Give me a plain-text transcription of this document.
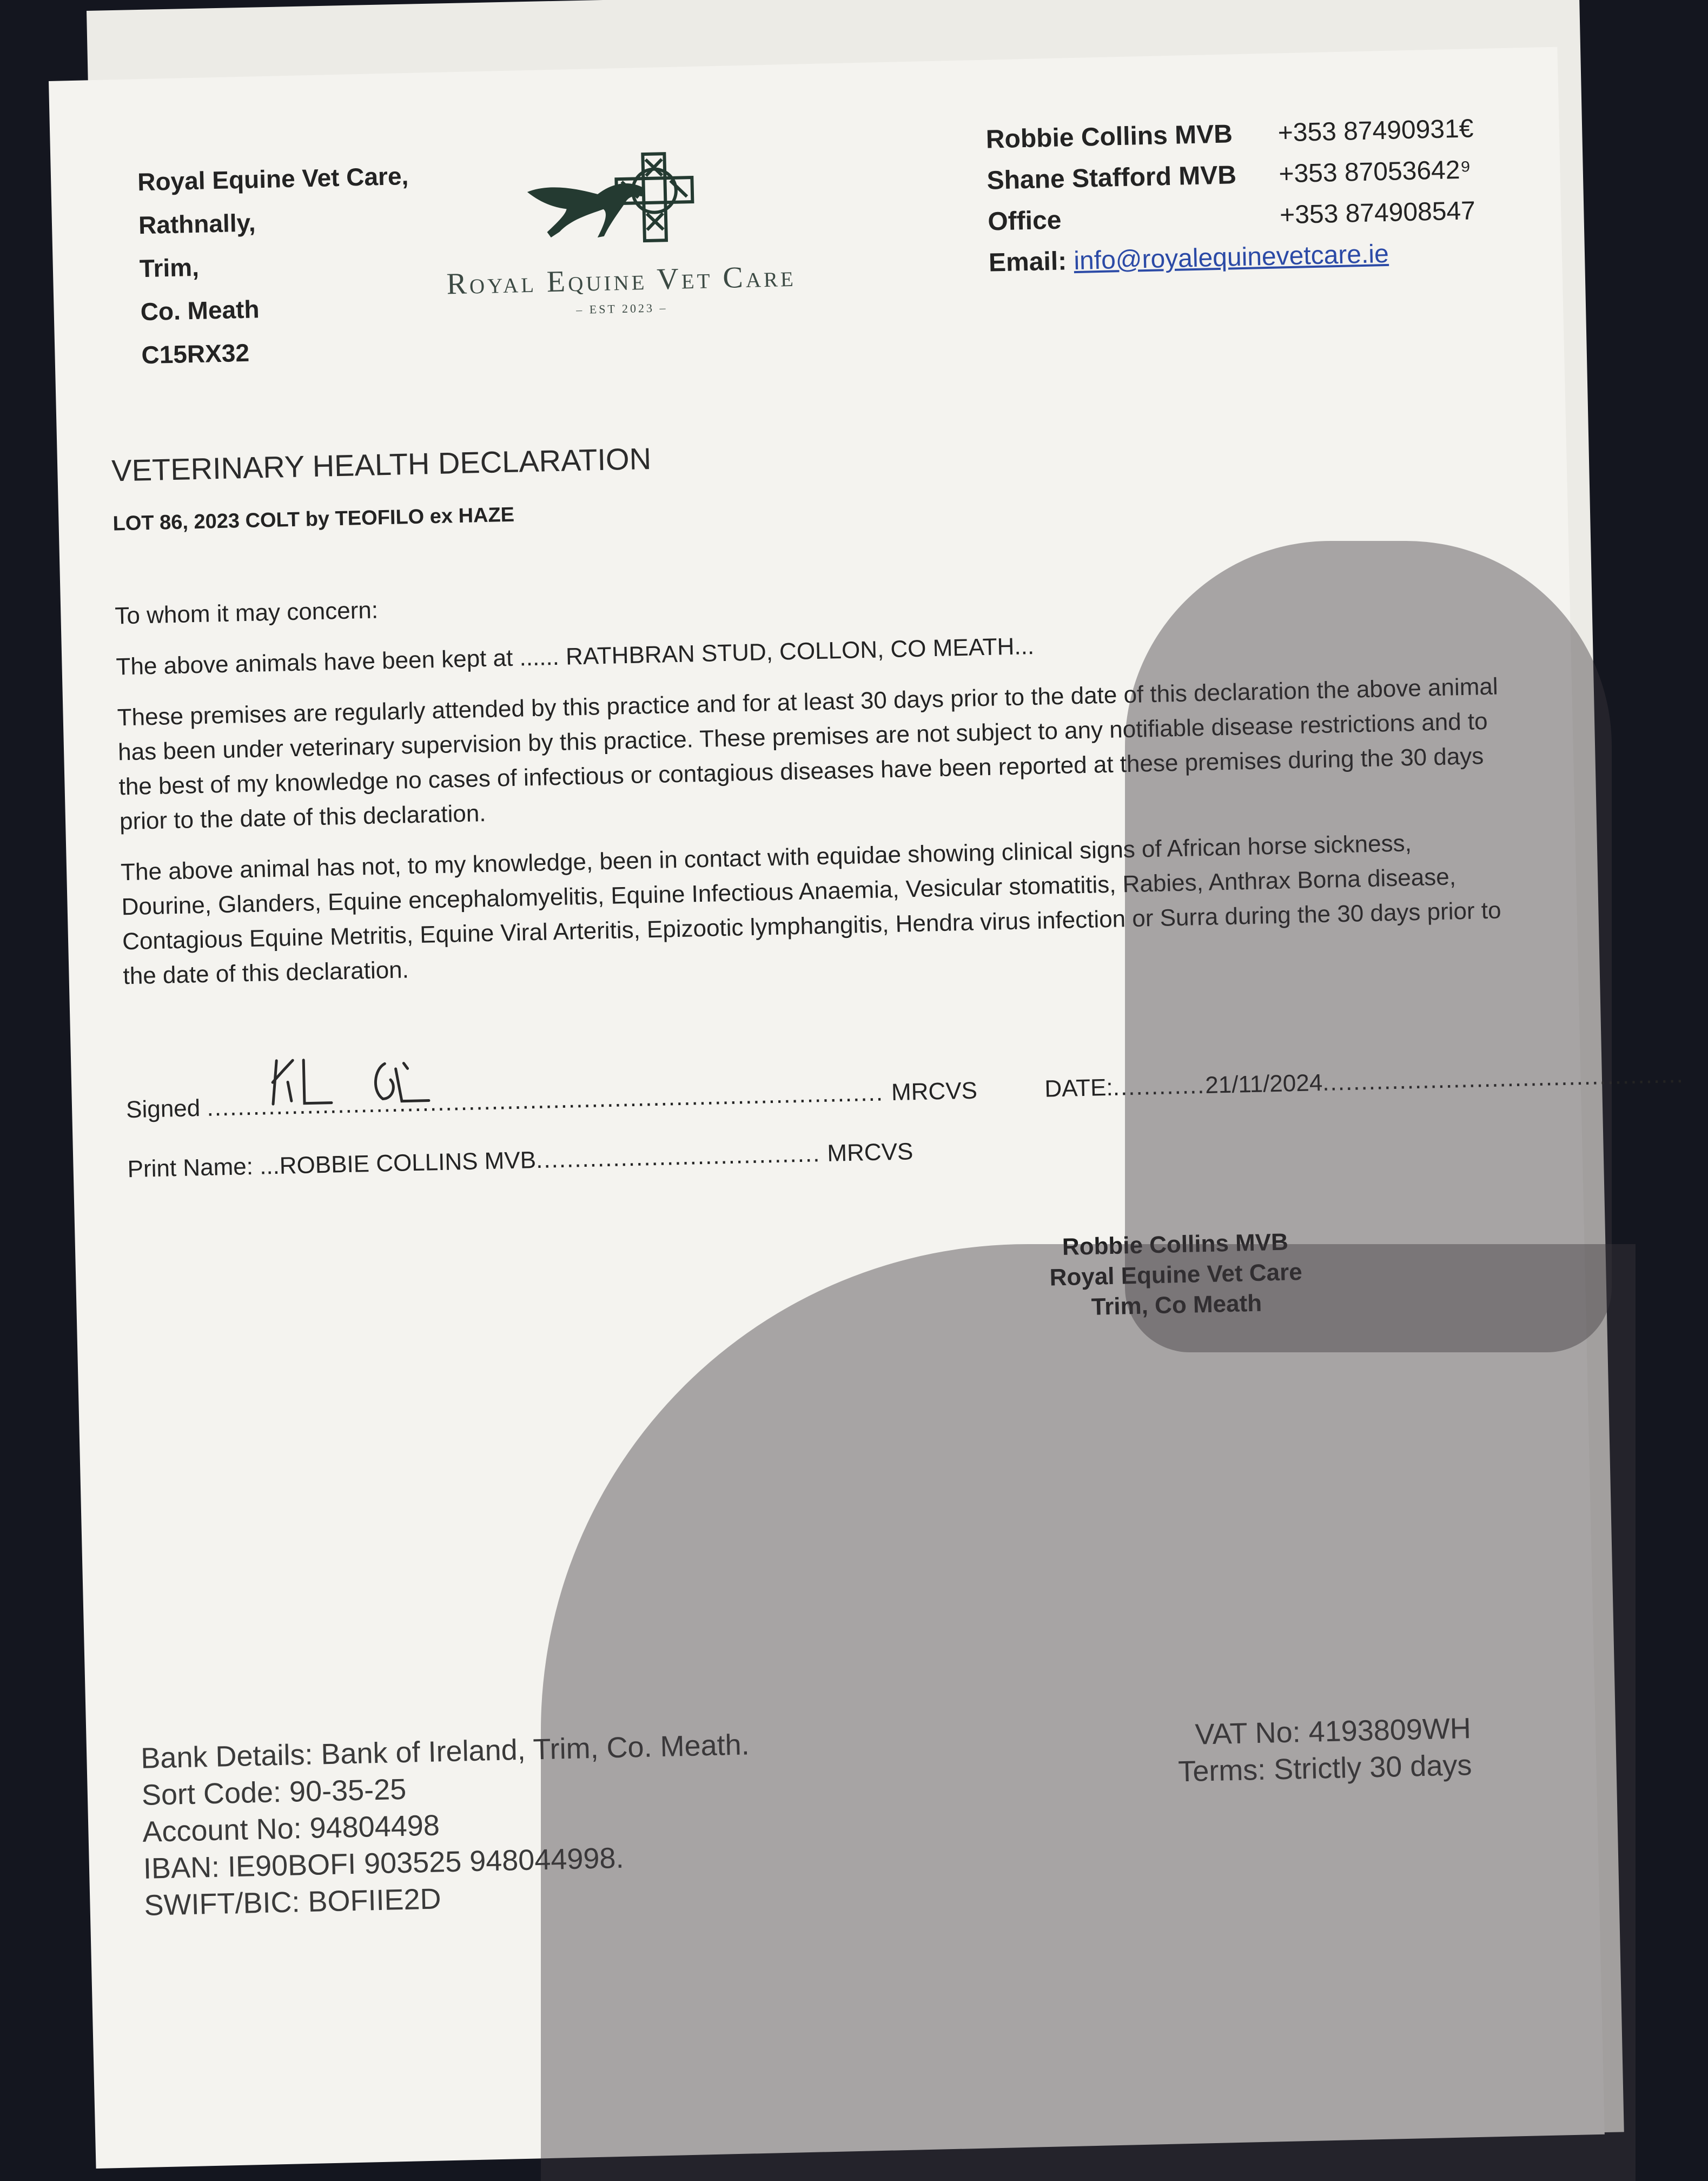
Royal Equine Vet Care,
Rathnally,
Trim,
Co. Meath
C15RX32
Royal Equine Vet Care
– EST 2023 –
Robbie Collins MVB	+353 87490931€
Shane Stafford MVB	+353 87053642⁹
Office	+353 874908547
Email
:
info@royalequinevetcare.ie
VETERINARY HEALTH DECLARATION
LOT 86, 2023 COLT by TEOFILO ex HAZE

To whom it may concern:

The above animals have been kept at ...... RATHBRAN STUD, COLLON, CO MEATH...

These premises are regularly attended by this practice and for at least 30 days prior to the date of this declaration the above animal has been under veterinary supervision by this practice. These premises are not subject to any notifiable disease restrictions and to the best of my knowledge no cases of infectious or contagious diseases have been reported at these premises during the 30 days prior to the date of this declaration.

The above animal has not, to my knowledge, been in contact with equidae showing clinical signs of African horse sickness, Dourine, Glanders, Equine encephalomyelitis, Equine Infectious Anaemia, Vesicular stomatitis, Rabies, Anthrax Borna disease, Contagious Equine Metritis, Equine Viral Arteritis, Epizootic lymphangitis, Hendra virus infection or Surra during the 30 days prior to the date of this declaration.

Signed ........................................................................................ MRCVS	DATE:............21/11/2024...............................................
Print Name: ...ROBBIE COLLINS MVB..................................... MRCVS
Robbie Collins MVB
Royal Equine Vet Care
Trim, Co Meath
Bank Details: Bank of Ireland, Trim, Co. Meath.
Sort Code: 90-35-25
Account No: 94804498
IBAN: IE90BOFI 903525 948044998.
SWIFT/BIC: BOFIIE2D
VAT No: 4193809WH
Terms: Strictly 30 days
